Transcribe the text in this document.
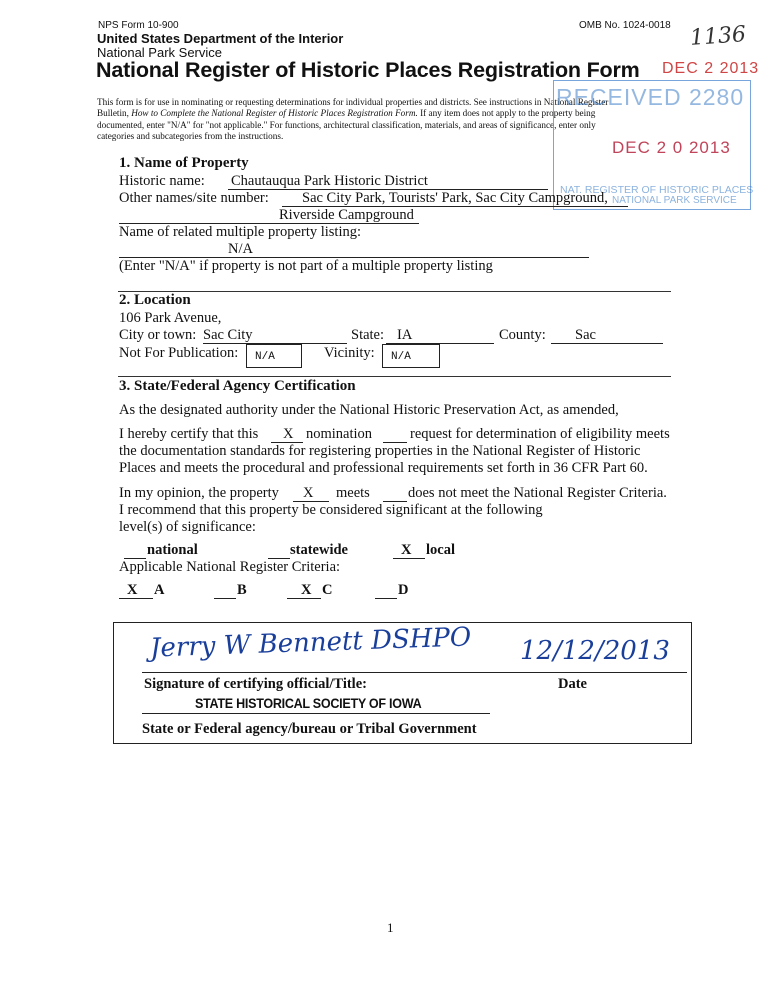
NPS Form 10-900	OMB No. 1024-0018
United States Department of the Interior
National Park Service
National Register of Historic Places Registration Form
This form is for use in nominating or requesting determinations for individual properties and districts. See instructions in National Register
Bulletin, How to Complete the National Register of Historic Places Registration Form. If any item does not apply to the property being
documented, enter "N/A" for "not applicable." For functions, architectural classification, materials, and areas of significance, enter only
categories and subcategories from the instructions.
1136
DEC 2 2013
RECEIVED 2280
DEC 2 0 2013
NAT. REGISTER OF HISTORIC PLACES
NATIONAL PARK SERVICE
1. Name of Property
Historic name: Chautauqua Park Historic District
Other names/site number: Sac City Park, Tourists' Park, Sac City Campground,
Riverside Campground
Name of related multiple property listing:
N/A
(Enter "N/A" if property is not part of a multiple property listing
2. Location
106 Park Avenue,
City or town: Sac City	State: IA	County: Sac
Not For Publication:	N/A	Vicinity:	N/A
3. State/Federal Agency Certification
As the designated authority under the National Historic Preservation Act, as amended,
I hereby certify that this X nomination	request for determination of eligibility meets
the documentation standards for registering properties in the National Register of Historic
Places and meets the procedural and professional requirements set forth in 36 CFR Part 60.
In my opinion, the property X meets	does not meet the National Register Criteria.
I recommend that this property be considered significant at the following
level(s) of significance:
national	statewide	X local
Applicable National Register Criteria:
X A	B	X C	D
Jerry W Bennett DSHPO 12/12/2013
Signature of certifying official/Title:	Date
STATE HISTORICAL SOCIETY OF IOWA
State or Federal agency/bureau or Tribal Government
1
